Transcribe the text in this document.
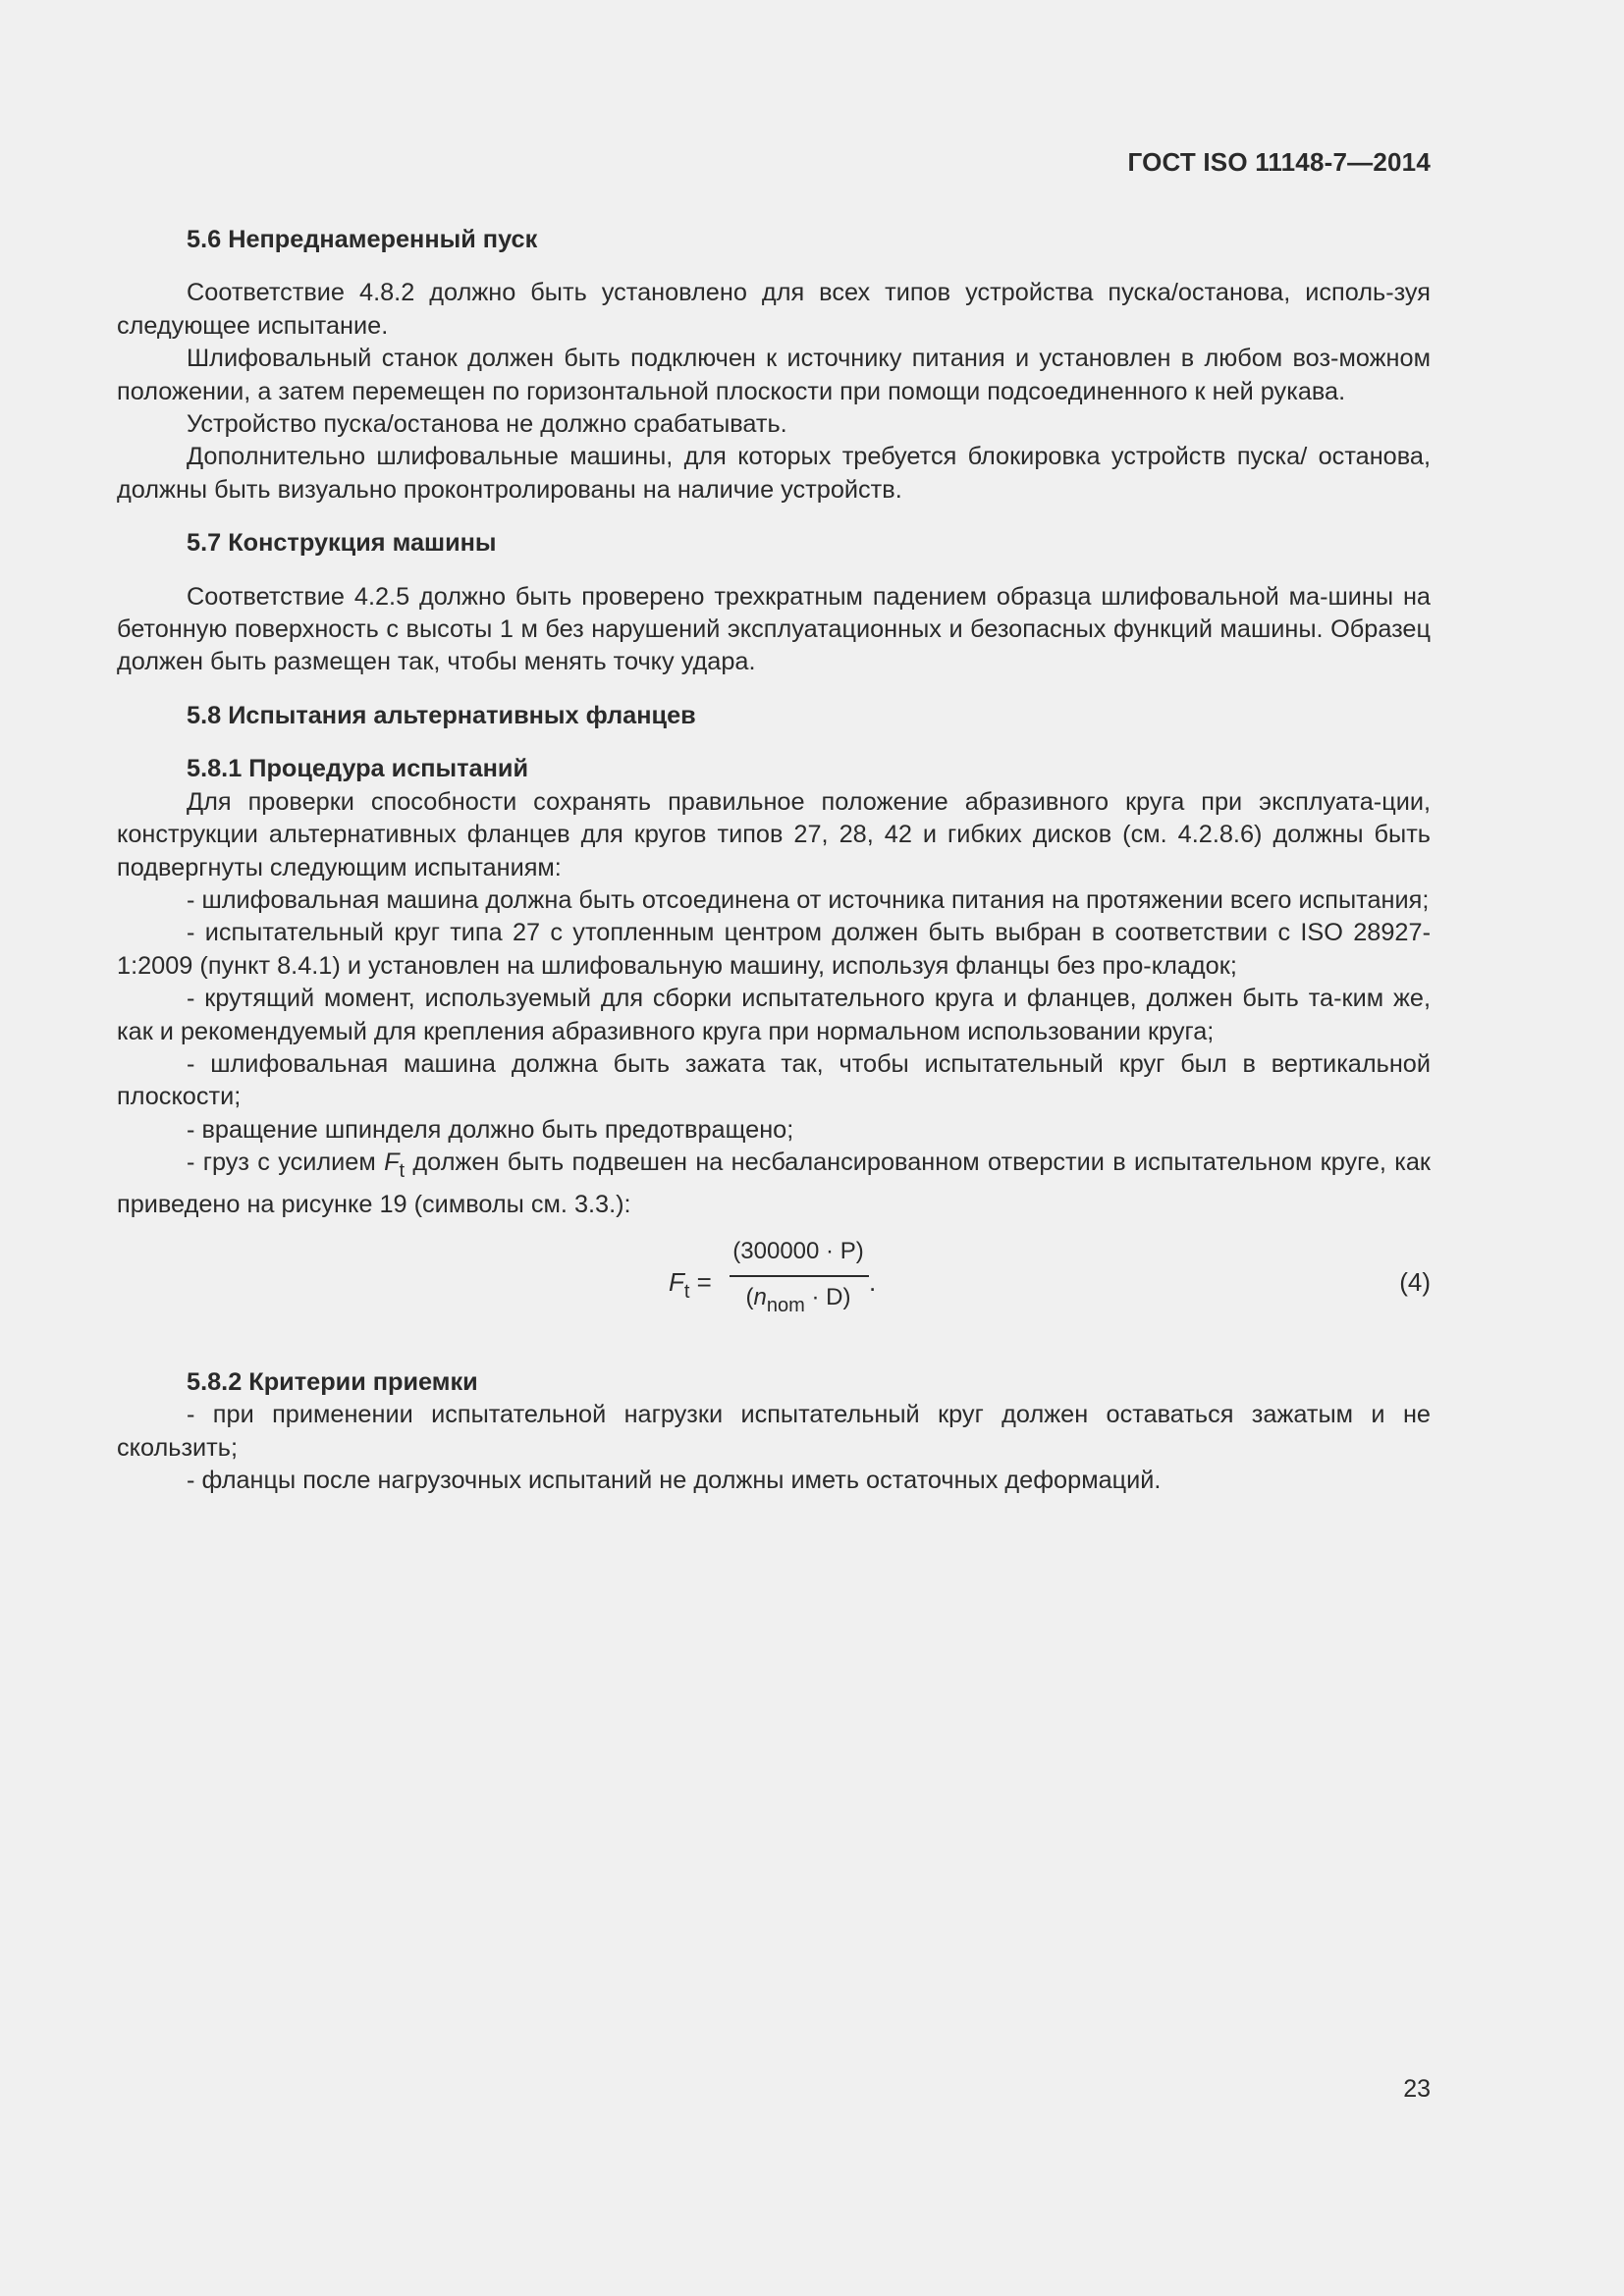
ГОСТ ISO 11148-7—2014

5.6 Непреднамеренный пуск

Соответствие 4.8.2 должно быть установлено для всех типов устройства пуска/останова, исполь-зуя следующее испытание.

Шлифовальный станок должен быть подключен к источнику питания и установлен в любом воз-можном положении, а затем перемещен по горизонтальной плоскости при помощи подсоединенного к ней рукава.

Устройство пуска/останова не должно срабатывать.

Дополнительно шлифовальные машины, для которых требуется блокировка устройств пуска/ останова, должны быть визуально проконтролированы на наличие устройств.

5.7 Конструкция машины

Соответствие 4.2.5 должно быть проверено трехкратным падением образца шлифовальной ма-шины на бетонную поверхность с высоты 1 м без нарушений эксплуатационных и безопасных функций машины. Образец должен быть размещен так, чтобы менять точку удара.

5.8 Испытания альтернативных фланцев

5.8.1 Процедура испытаний

Для проверки способности сохранять правильное положение абразивного круга при эксплуата-ции, конструкции альтернативных фланцев для кругов типов 27, 28, 42 и гибких дисков (см. 4.2.8.6) должны быть подвергнуты следующим испытаниям:

- шлифовальная машина должна быть отсоединена от источника питания на протяжении всего испытания;

- испытательный круг типа 27 с утопленным центром должен быть выбран в соответствии с ISO 28927-1:2009 (пункт 8.4.1) и установлен на шлифовальную машину, используя фланцы без про-кладок;

- крутящий момент, используемый для сборки испытательного круга и фланцев, должен быть та-ким же, как и рекомендуемый для крепления абразивного круга при нормальном использовании круга;

- шлифовальная машина должна быть зажата так, чтобы испытательный круг был в вертикальной плоскости;

- вращение шпинделя должно быть предотвращено;

- груз с усилием $F_t$ должен быть подвешен на несбалансированном отверстии в испытательном круге, как приведено на рисунке 19 (символы см. 3.3.):

$F_t$ =
(300000 · P)
$(n_{nom} \cdot D)$
.	(4)

5.8.2 Критерии приемки

- при применении испытательной нагрузки испытательный круг должен оставаться зажатым и не скользить;

- фланцы после нагрузочных испытаний не должны иметь остаточных деформаций.

23
